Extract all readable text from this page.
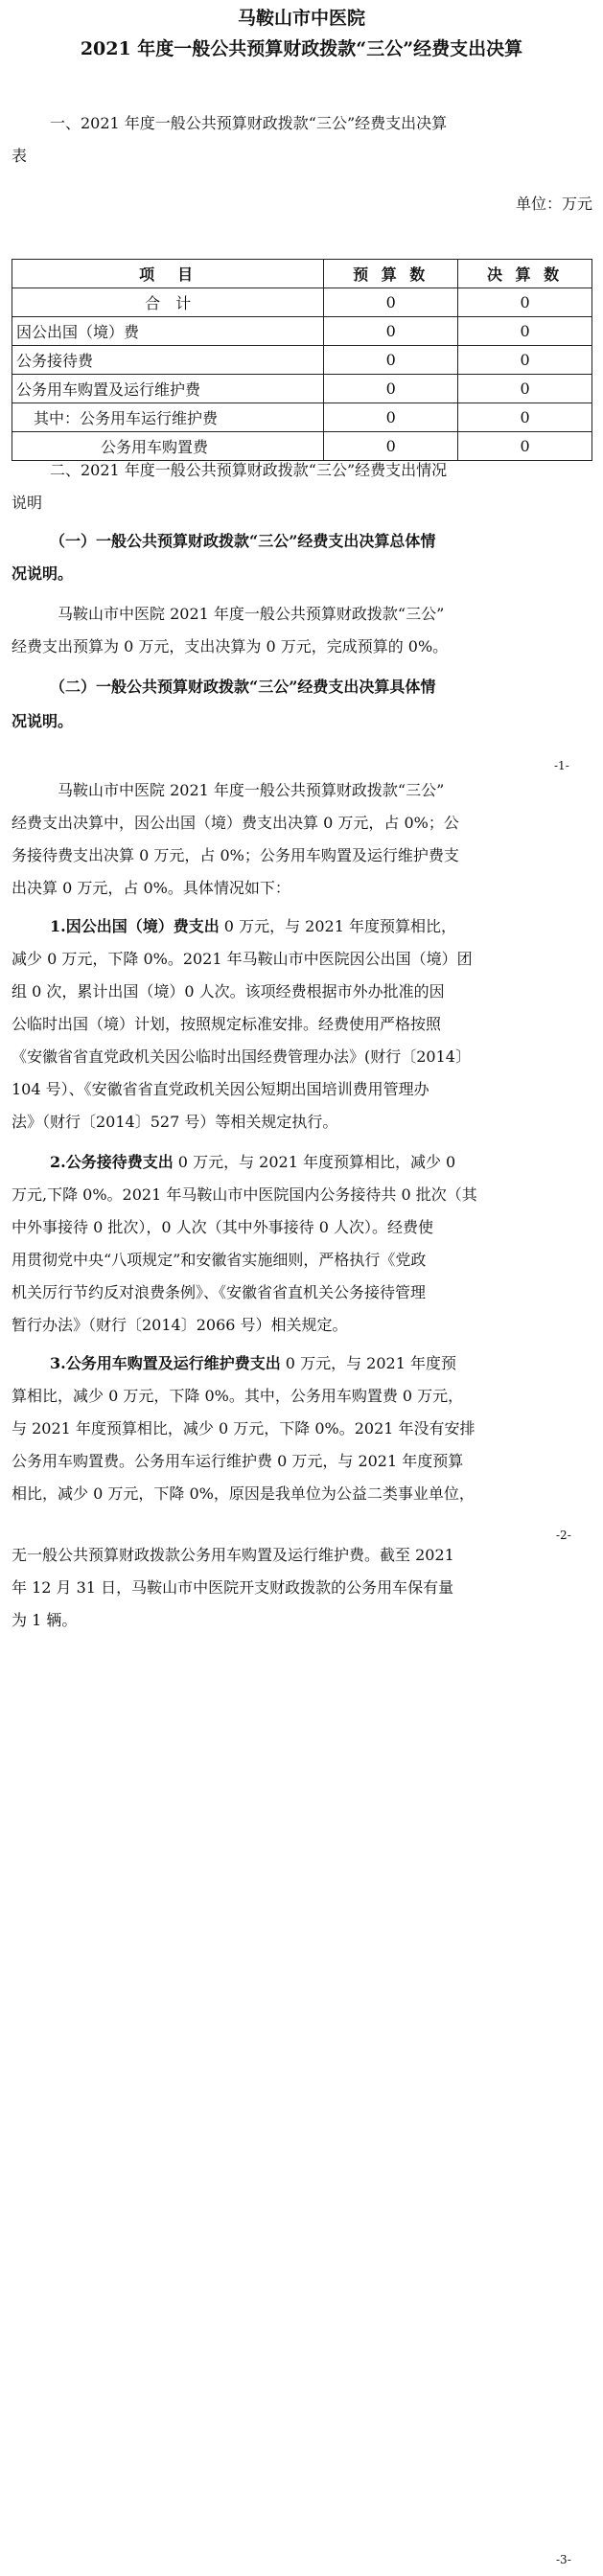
马鞍山市中医院
2021 年度一般公共预算财政拨款“三公”经费支出决算
一、2021 年度一般公共预算财政拨款“三公”经费支出决算
表
单位：万元
项　目	预 算 数	决 算 数
合　计	0	0
因公出国（境）费	0	0
公务接待费	0	0
公务用车购置及运行维护费	0	0
其中：公务用车运行维护费	0	0
公务用车购置费	0	0
二、2021 年度一般公共预算财政拨款“三公”经费支出情况
说明
（一）一般公共预算财政拨款“三公”经费支出决算总体情
况说明。
马鞍山市中医院 2021 年度一般公共预算财政拨款“三公”
经费支出预算为 0 万元，支出决算为 0 万元，完成预算的 0%。
（二）一般公共预算财政拨款“三公”经费支出决算具体情
况说明。
-1-
马鞍山市中医院 2021 年度一般公共预算财政拨款“三公”
经费支出决算中，因公出国（境）费支出决算 0 万元，占 0%；公
务接待费支出决算 0 万元，占 0%；公务用车购置及运行维护费支
出决算 0 万元，占 0%。具体情况如下：
1.因公出国（境）费支出 0 万元，与 2021 年度预算相比，
减少 0 万元，下降 0%。2021 年马鞍山市中医院因公出国（境）团
组 0 次，累计出国（境）0 人次。该项经费根据市外办批准的因
公临时出国（境）计划，按照规定标准安排。经费使用严格按照
《安徽省省直党政机关因公临时出国经费管理办法》(财行〔2014〕
104 号）、《安徽省省直党政机关因公短期出国培训费用管理办
法》（财行〔2014〕527 号）等相关规定执行。
2.公务接待费支出 0 万元，与 2021 年度预算相比，减少 0
万元,下降 0%。2021 年马鞍山市中医院国内公务接待共 0 批次（其
中外事接待 0 批次），0 人次（其中外事接待 0 人次）。经费使
用贯彻党中央“八项规定”和安徽省实施细则，严格执行《党政
机关厉行节约反对浪费条例》、《安徽省省直机关公务接待管理
暂行办法》（财行〔2014〕2066 号）相关规定。
3.公务用车购置及运行维护费支出 0 万元，与 2021 年度预
算相比，减少 0 万元，下降 0%。其中，公务用车购置费 0 万元，
与 2021 年度预算相比，减少 0 万元，下降 0%。2021 年没有安排
公务用车购置费。公务用车运行维护费 0 万元，与 2021 年度预算
相比，减少 0 万元，下降 0%，原因是我单位为公益二类事业单位，
-2-
无一般公共预算财政拨款公务用车购置及运行维护费。截至 2021
年 12 月 31 日，马鞍山市中医院开支财政拨款的公务用车保有量
为 1 辆。
-3-
